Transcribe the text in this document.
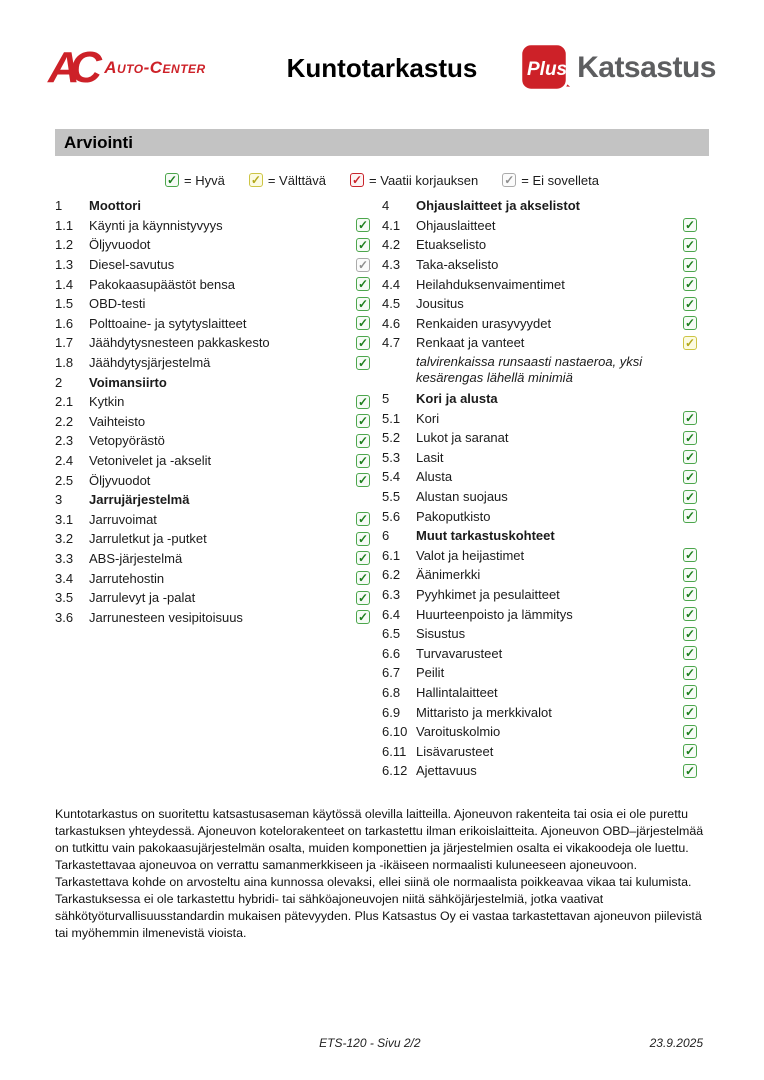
AC Auto-Center	Kuntotarkastus	Plus Katsastus
Arviointi
✓ = Hyvä ✓ = Välttävä ✓ = Vaatii korjauksen ✓ = Ei sovelleta
1	Moottori
1.1	Käynti ja käynnistyvyys	✓
1.2	Öljyvuodot	✓
1.3	Diesel-savutus	✓
1.4	Pakokaasupäästöt bensa	✓
1.5	OBD-testi	✓
1.6	Polttoaine- ja sytytyslaitteet	✓
1.7	Jäähdytysnesteen pakkaskesto	✓
1.8	Jäähdytysjärjestelmä	✓
2	Voimansiirto
2.1	Kytkin	✓
2.2	Vaihteisto	✓
2.3	Vetopyörästö	✓
2.4	Vetonivelet ja -akselit	✓
2.5	Öljyvuodot	✓
3	Jarrujärjestelmä
3.1	Jarruvoimat	✓
3.2	Jarruletkut ja -putket	✓
3.3	ABS-järjestelmä	✓
3.4	Jarrutehostin	✓
3.5	Jarrulevyt ja -palat	✓
3.6	Jarrunesteen vesipitoisuus	✓
4	Ohjauslaitteet ja akselistot
4.1	Ohjauslaitteet	✓
4.2	Etuakselisto	✓
4.3	Taka-akselisto	✓
4.4	Heilahduksenvaimentimet	✓
4.5	Jousitus	✓
4.6	Renkaiden urasyvyydet	✓
4.7	Renkaat ja vanteet	✓
talvirenkaissa runsaasti nastaeroa, yksi kesärengas lähellä minimiä
5	Kori ja alusta
5.1	Kori	✓
5.2	Lukot ja saranat	✓
5.3	Lasit	✓
5.4	Alusta	✓
5.5	Alustan suojaus	✓
5.6	Pakoputkisto	✓
6	Muut tarkastuskohteet
6.1	Valot ja heijastimet	✓
6.2	Äänimerkki	✓
6.3	Pyyhkimet ja pesulaitteet	✓
6.4	Huurteenpoisto ja lämmitys	✓
6.5	Sisustus	✓
6.6	Turvavarusteet	✓
6.7	Peilit	✓
6.8	Hallintalaitteet	✓
6.9	Mittaristo ja merkkivalot	✓
6.10 Varoituskolmio	✓
6.11 Lisävarusteet	✓
6.12 Ajettavuus	✓

Kuntotarkastus on suoritettu katsastusaseman käytössä olevilla laitteilla. Ajoneuvon rakenteita tai osia ei ole purettu tarkastuksen yhteydessä. Ajoneuvon kotelorakenteet on tarkastettu ilman erikoislaitteita. Ajoneuvon OBD–järjestelmää on tutkittu vain pakokaasujärjestelmän osalta, muiden komponettien ja järjestelmien osalta ei vikakoodeja ole luettu. Tarkastettavaa ajoneuvoa on verrattu samanmerkkiseen ja -ikäiseen normaalisti kuluneeseen ajoneuvoon. Tarkastettava kohde on arvosteltu aina kunnossa olevaksi, ellei siinä ole normaalista poikkeavaa vikaa tai kulumista. Tarkastuksessa ei ole tarkastettu hybridi- tai sähköajoneuvojen niitä sähköjärjestelmiä, jotka vaativat sähkötyöturvallisuusstandardin mukaisen pätevyyden. Plus Katsastus Oy ei vastaa tarkastettavan ajoneuvon piilevistä tai myöhemmin ilmenevistä vioista.

ETS-120 - Sivu 2/2	23.9.2025
